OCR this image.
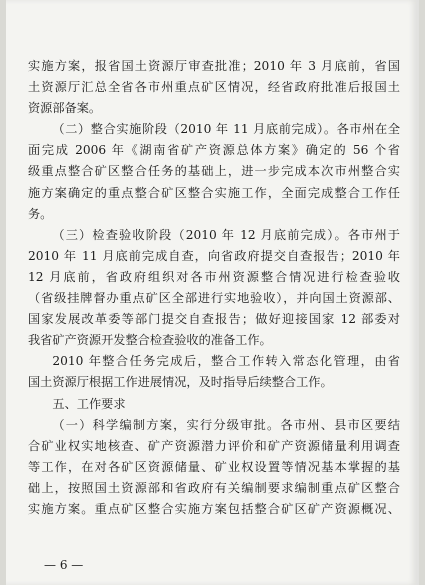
实施方案，报省国土资源厅审查批准；2010 年 3 月底前，省国

土资源厅汇总全省各市州重点矿区情况，经省政府批准后报国土

资源部备案。

（二）整合实施阶段（2010 年 11 月底前完成）。各市州在全

面完成 2006 年《湖南省矿产资源总体方案》确定的 56 个省

级重点整合矿区整合任务的基础上，进一步完成本次市州整合实

施方案确定的重点整合矿区整合实施工作，全面完成整合工作任

务。

（三）检查验收阶段（2010 年 12 月底前完成）。各市州于

2010 年 11 月底前完成自查，向省政府提交自查报告；2010 年

12 月底前，省政府组织对各市州资源整合情况进行检查验收

（省级挂牌督办重点矿区全部进行实地验收），并向国土资源部、

国家发展改革委等部门提交自查报告；做好迎接国家 12 部委对

我省矿产资源开发整合检查验收的准备工作。

2010 年整合任务完成后，整合工作转入常态化管理，由省

国土资源厅根据工作进展情况，及时指导后续整合工作。

五、工作要求

（一）科学编制方案，实行分级审批。各市州、县市区要结

合矿业权实地核查、矿产资源潜力评价和矿产资源储量利用调查

等工作，在对各矿区资源储量、矿业权设置等情况基本掌握的基

础上，按照国土资源部和省政府有关编制要求编制重点矿区整合

实施方案。重点矿区整合实施方案包括整合矿区矿产资源概况、

— 6 —
